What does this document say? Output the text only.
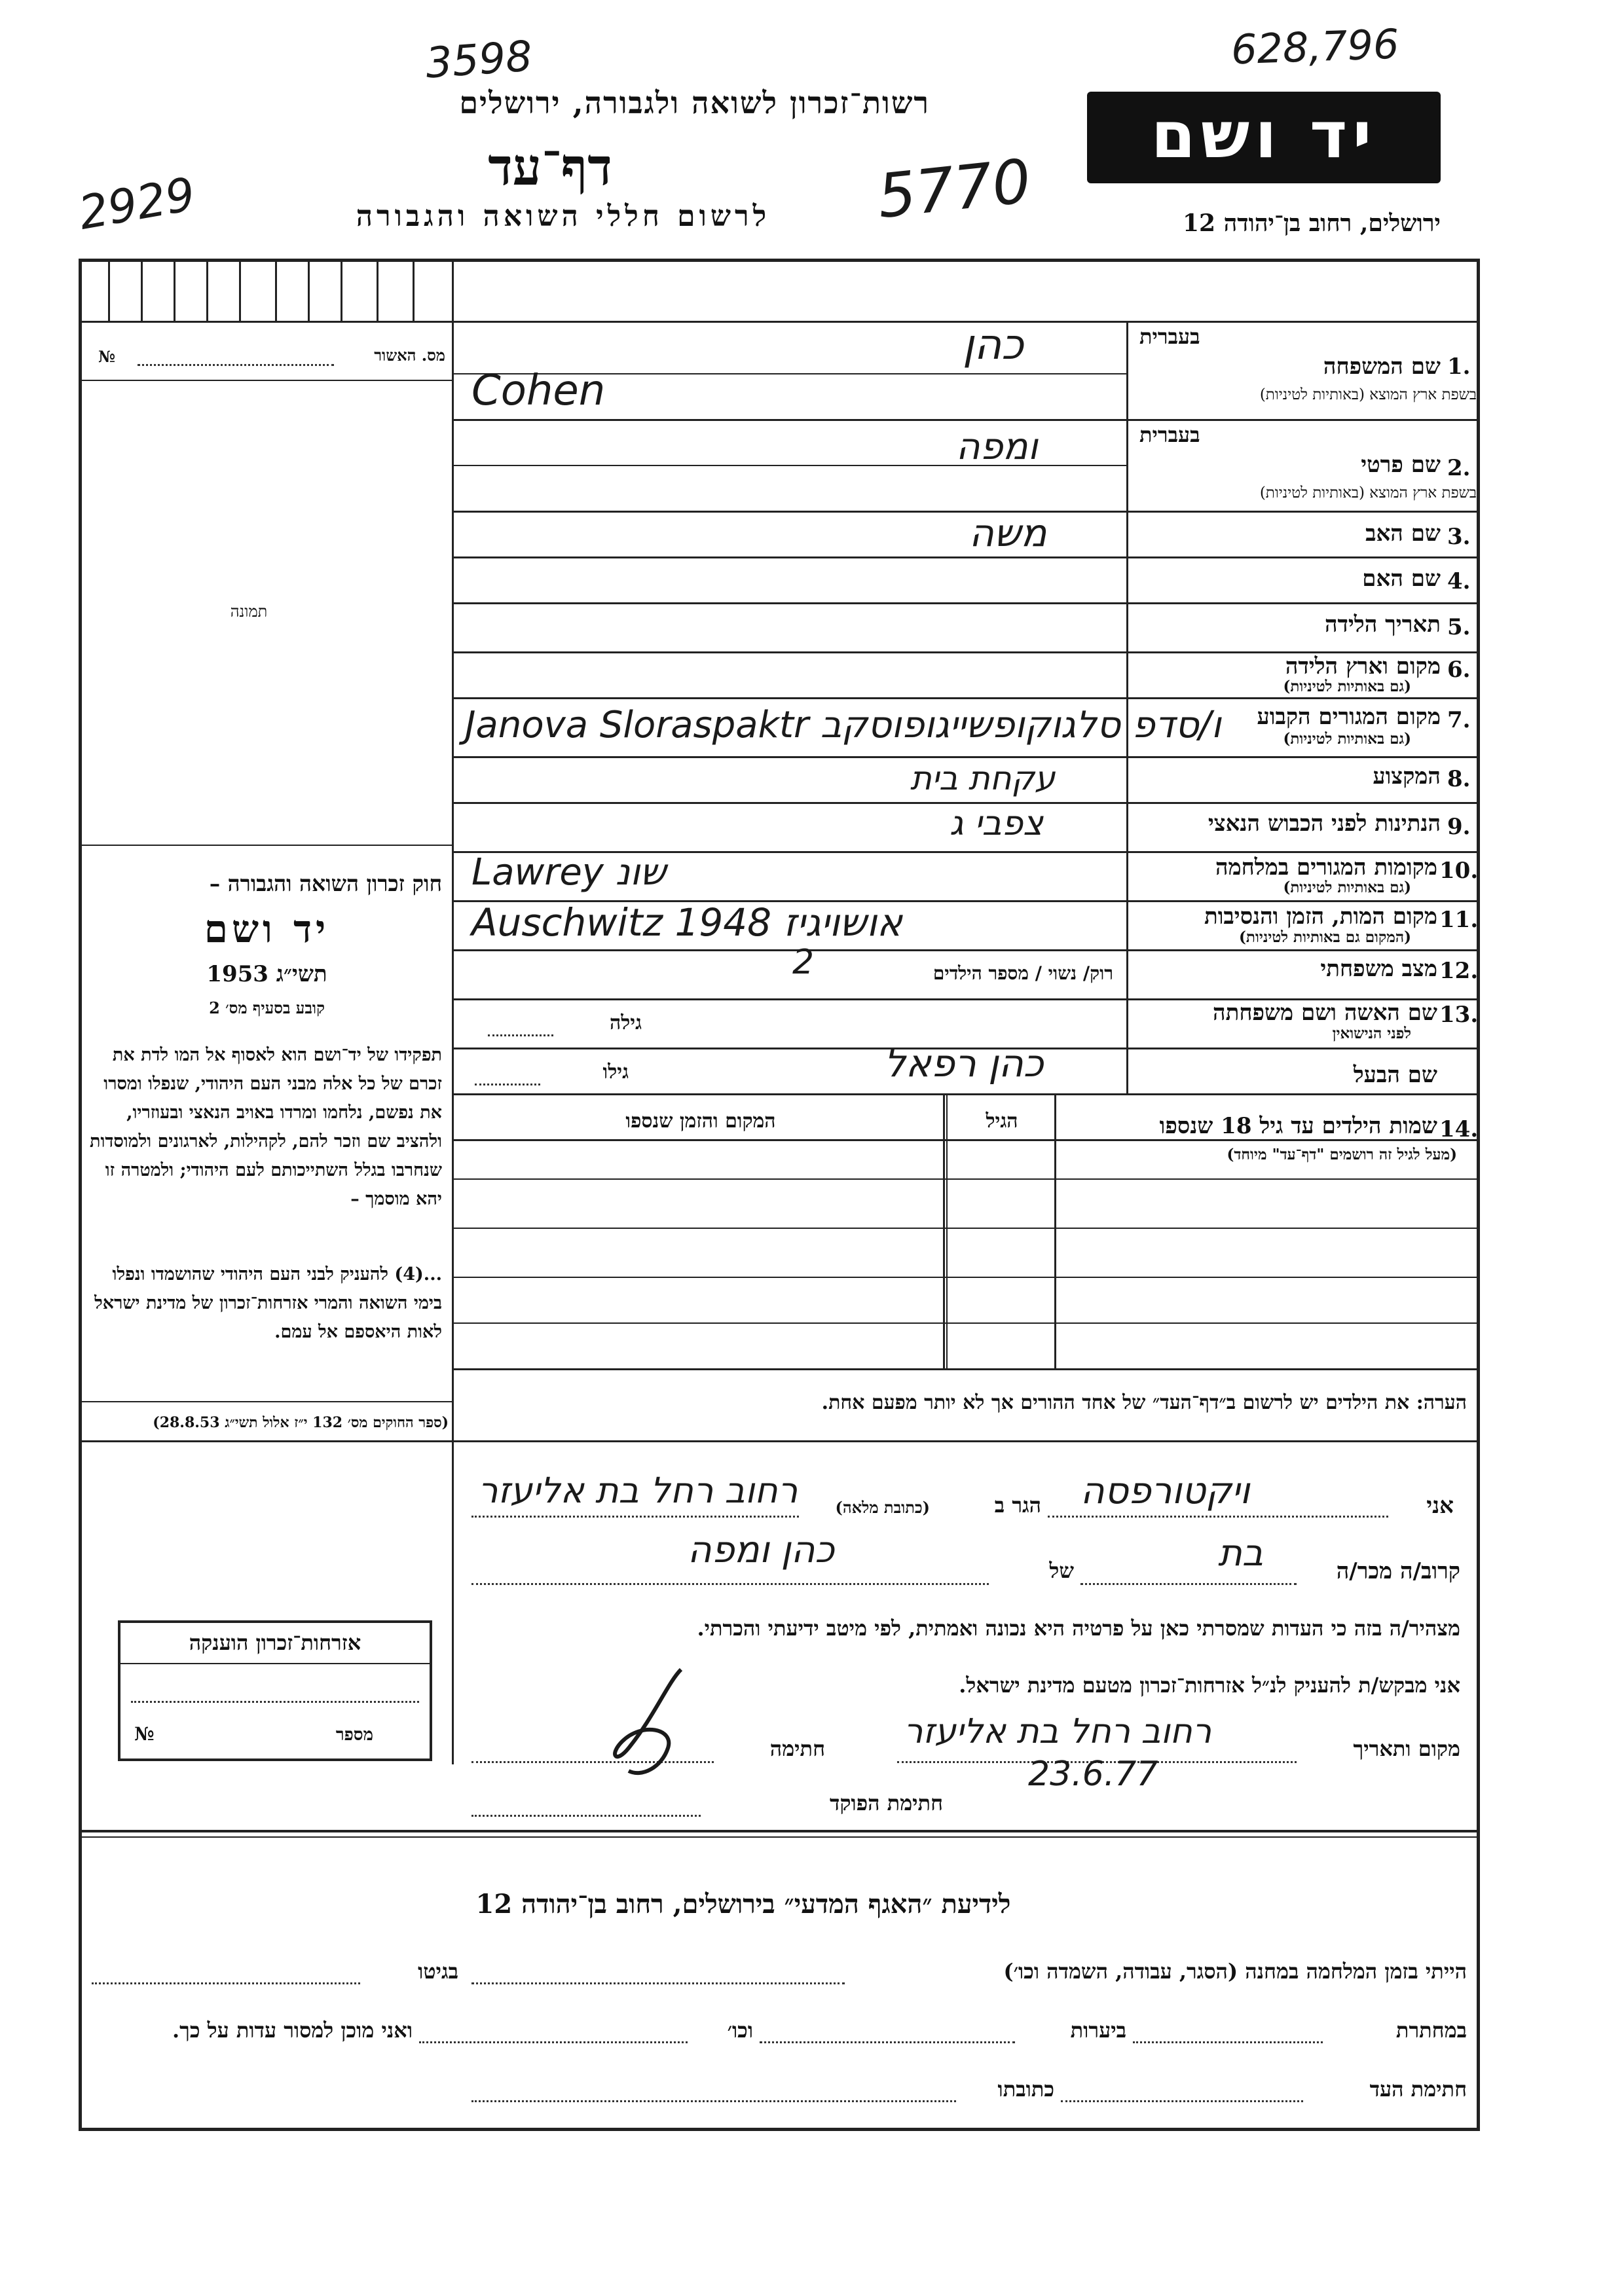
628,796
3598
2929	5770
רשות־זכרון לשואה ולגבורה, ירושלים
דף־עד
לרשום חללי השואה והגבורה
יד ושם
ירושלים, רחוב בן־יהודה 12
מס. האשור
№
תמונה
חוק זכרון השואה והגבורה –
יד ושם
תשי״ג 1953
קובע בסעיף מס׳ 2
תפקידו של יד־ושם הוא לאסוף אל המו לדת את זכרם של כל אלה מבני העם היהודי, שנפלו ומסרו את נפשם, נלחמו ומרדו באויב הנאצי ובעוזריו, ולהציב שם וזכר להם, לקהילות, לארגונים ולמוסדות שנחרבו בגלל השתייכותם לעם היהודי; ולמטרה זו יהא מוסמך –
...(4) להעניק לבני העם היהודי שהושמדו ונפלו בימי השואה והמרי אזרחות־זכרון של מדינת ישראל לאות היאספם אל עמם.
(ספר החוקים מס׳ 132 י״ז אלול תשי״ג 28.8.53)
1.
בעברית
שם המשפחה
בשפת ארץ המוצא (באותיות לטיניות)
כהן
Cohen
2.
בעברית
שם פרטי
בשפת ארץ המוצא (באותיות לטיניות)
ומפה
3.
שם האב
משה
4.
שם האם
5.
תאריך הלידה
6.
מקום וארץ הלידה
(גם באותיות לטיניות)
7.
מקום המגורים הקבוע
(גם באותיות לטיניות)
Janova Sloraspaktr ו/סדפ סלגוקופשייגופוסקב
8.
המקצוע
עקחת בית
9.
הנתינות לפני הכבוש הנאצי
צפבי ג
10.
מקומות המגורים במלחמה
(גם באותיות לטיניות)
Lawrey שונ
11.
מקום המות, הזמן והנסיבות
(המקום גם באותיות לטיניות)
Auschwitz 1948 אושויגיז
12.
מצב משפחתי
רוק/ נשוי / מספר הילדים
2
13.
שם האשה ושם משפחתה
לפני הנישואין
גילה
שם הבעל
כהן רפאל
גילו
14.
שמות הילדים עד גיל 18 שנספו
(מעל לגיל זה רושמים "דף־עד" מיוחד)
הגיל
המקום והזמן שנספו
הערה: את הילדים יש לרשום ב״דף־העד״ של אחד ההורים אך לא יותר מפעם אחת.
אני
ויקטורפסה
הגר ב
(כתובת מלאה)
רחוב רחל בת אליעזר
קרוב/ה מכר/ה
בת
של
כהן ומפה
מצהיר/ה בזה כי העדות שמסרתי כאן על פרטיה היא נכונה ואמתית, לפי מיטב ידיעתי והכרתי.
אני מבקש/ת להעניק לנ״ל אזרחות־זכרון מטעם מדינת ישראל.
מקום ותאריך
רחוב רחל בת אליעזר
23.6.77
חתימה
חתימת הפוקד
אזרחות־זכרון הוענקה
מספר
№
לידיעת ״האגף המדעי״ בירושלים, רחוב בן־יהודה 12
הייתי בזמן המלחמה במחנה (הסגר, עבודה, השמדה וכו׳)
בגיטו
במחתרת
ביערות
וכו׳
ואני מוכן למסור עדות על כך.
חתימת העד
כתובתו
